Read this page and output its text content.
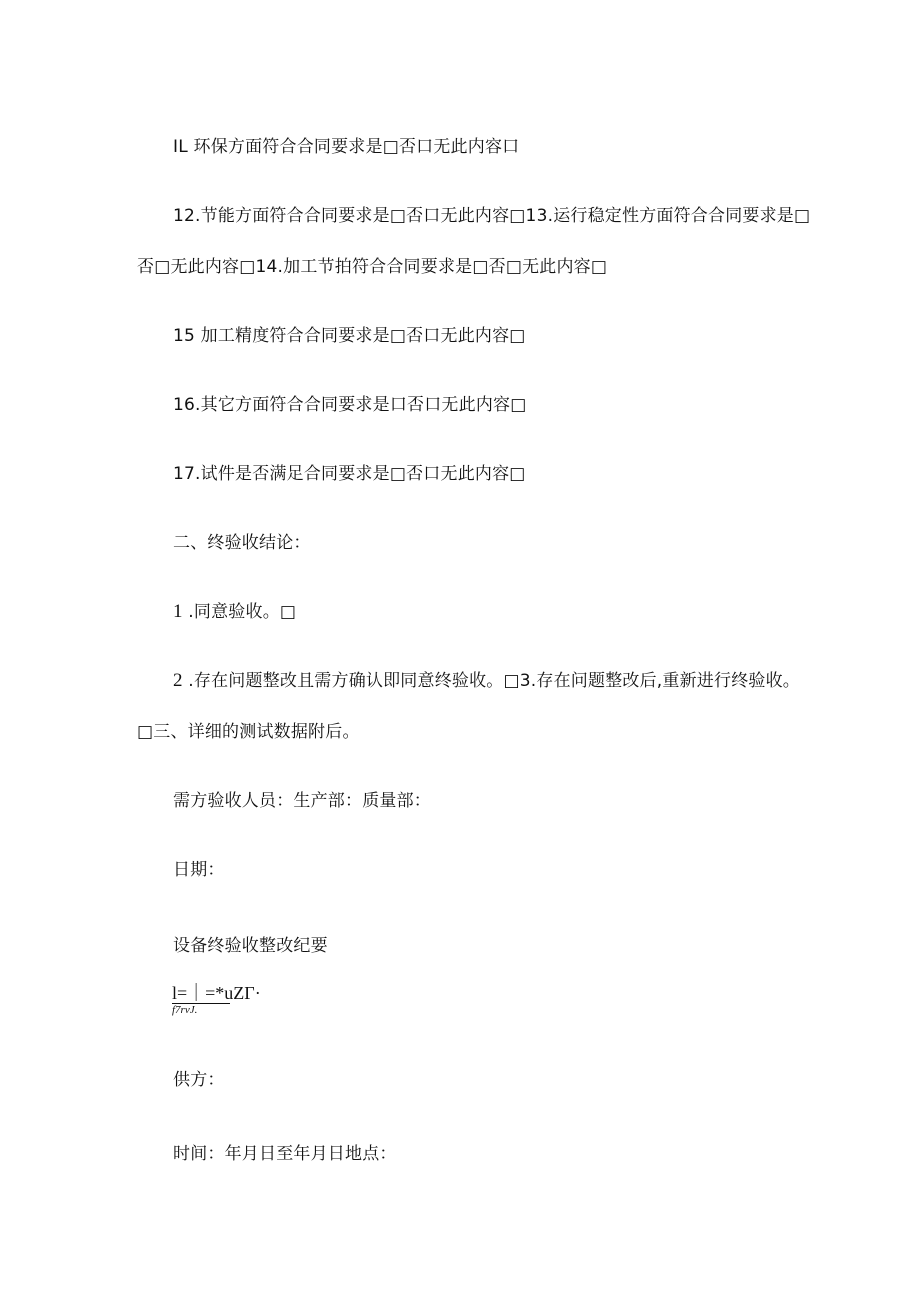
IL 环保方面符合合同要求是□否口无此内容口
12.节能方面符合合同要求是□否口无此内容□13.运行稳定性方面符合合同要求是□
否□无此内容□14.加工节拍符合合同要求是□否□无此内容□
15 加工精度符合合同要求是□否口无此内容□
16.其它方面符合合同要求是口否口无此内容□
17.试件是否满足合同要求是□否口无此内容□
二、终验收结论：
1 .同意验收。□
2 .存在问题整改且需方确认即同意终验收。□3.存在问题整改后,重新进行终验收。
□三、详细的测试数据附后。
需方验收人员：生产部：质量部：
日期：
设备终验收整改纪要
l=｜=*uZГ·
f7rvJ.
供方：
时间：年月日至年月日地点：
